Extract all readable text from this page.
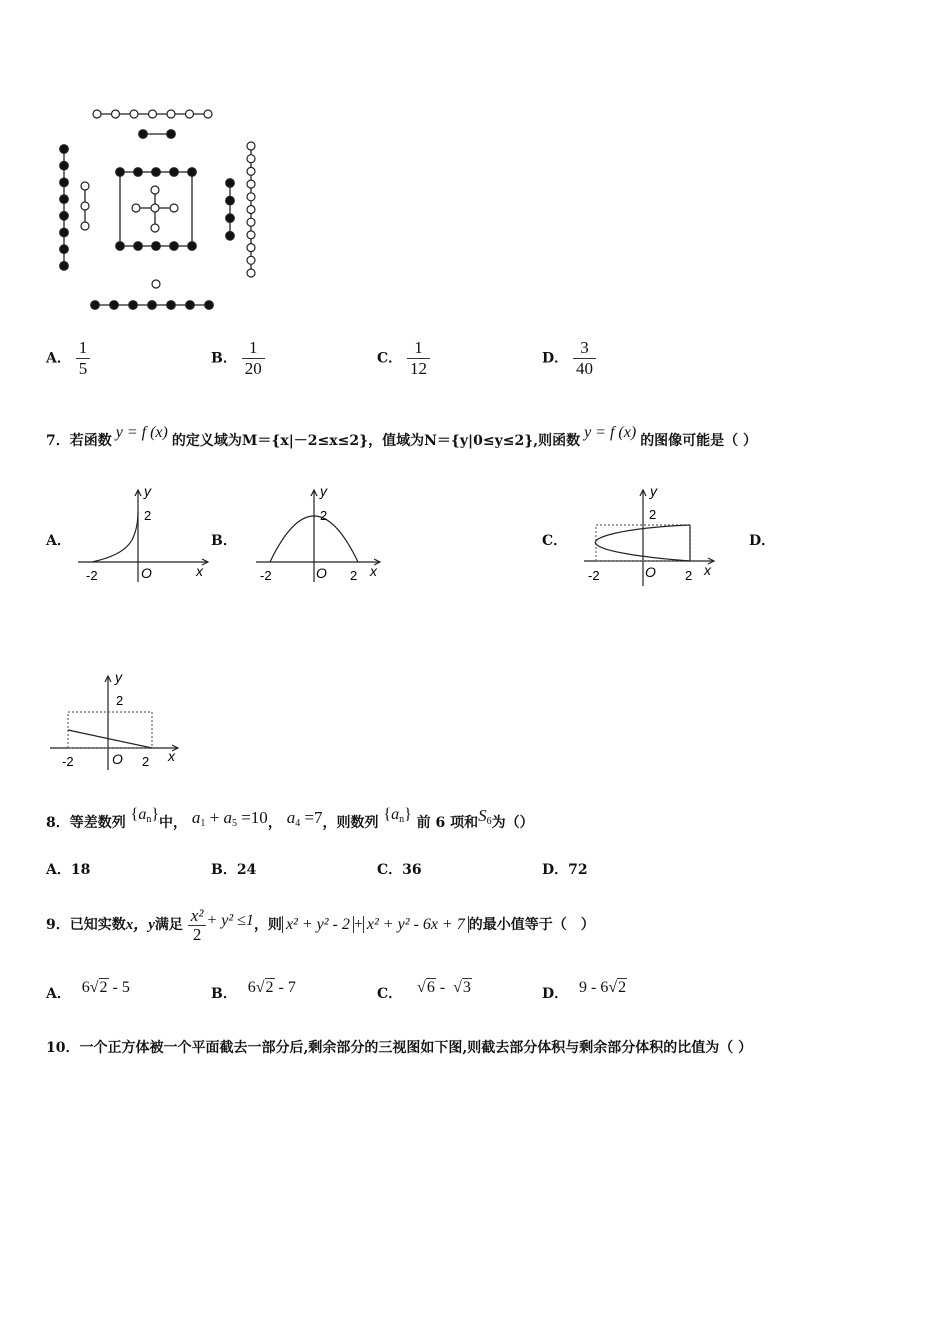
A． $\frac{1}{5}$	B． $\frac{1}{20}$	C． $\frac{1}{12}$	D． $\frac{3}{40}$
7．若函数 y = f (x) 的定义域为M＝{x|－2≤x≤2}，值域为N＝{y|0≤y≤2},则函数 y = f (x) 的图像可能是（ ）
A．	B．	C．	D．
y
2
-2	O	x
y
2
-2	O 2 x
y
2
-2	O 2 x
y
2
-2	O 2 x
8．等差数列 $\{a_n\}$中， $a_1 + a_5 =10$， $a_4 =7$，则数列 $\{a_n\}$ 前 6 项和$S_6$为（）
A．18	B．24	C．36	D．72
9．已知实数x，y满足 $\frac{\text{x²}}{2} + y^2 \le 1$，则 x² + y² - 2 + x² + y² - 6x + 7 的最小值等于（　）
A． 6√2 - 5	B． 6√2 - 7	C． √6 -  √3	D． 9 - 6√2
10．一个正方体被一个平面截去一部分后,剩余部分的三视图如下图,则截去部分体积与剩余部分体积的比值为（ ）
